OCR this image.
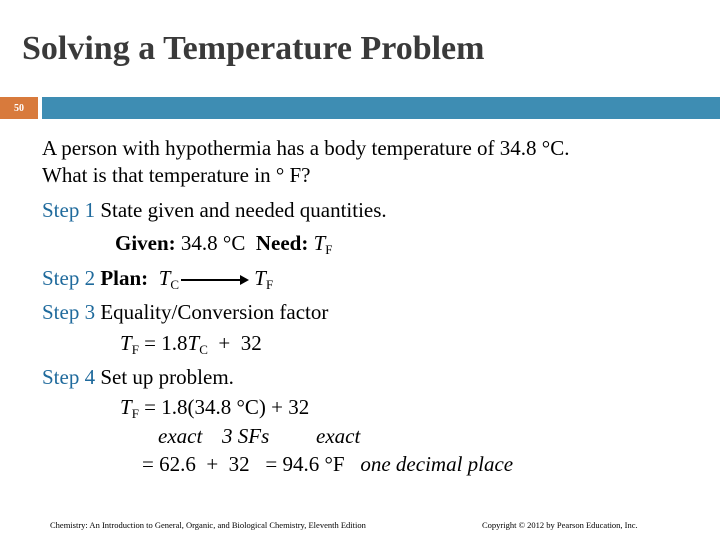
Solving a Temperature Problem
50
A person with hypothermia has a body temperature of 34.8 °C.
What is that temperature in ° F?
Step 1 State given and needed quantities.
Given: 34.8 °C Need: $T_F$
Step 2 Plan: $T_C$	$T_F$
Step 3 Equality/Conversion factor
$T_F = 1.8T_C + 32$
Step 4 Set up problem.
$T_F = 1.8(34.8$ °C) + 32
exact 3 SFs exact
= 62.6  +  32   = 94.6 °F one decimal place
Chemistry: An Introduction to General, Organic, and Biological Chemistry, Eleventh Edition	Copyright © 2012 by Pearson Education, Inc.
